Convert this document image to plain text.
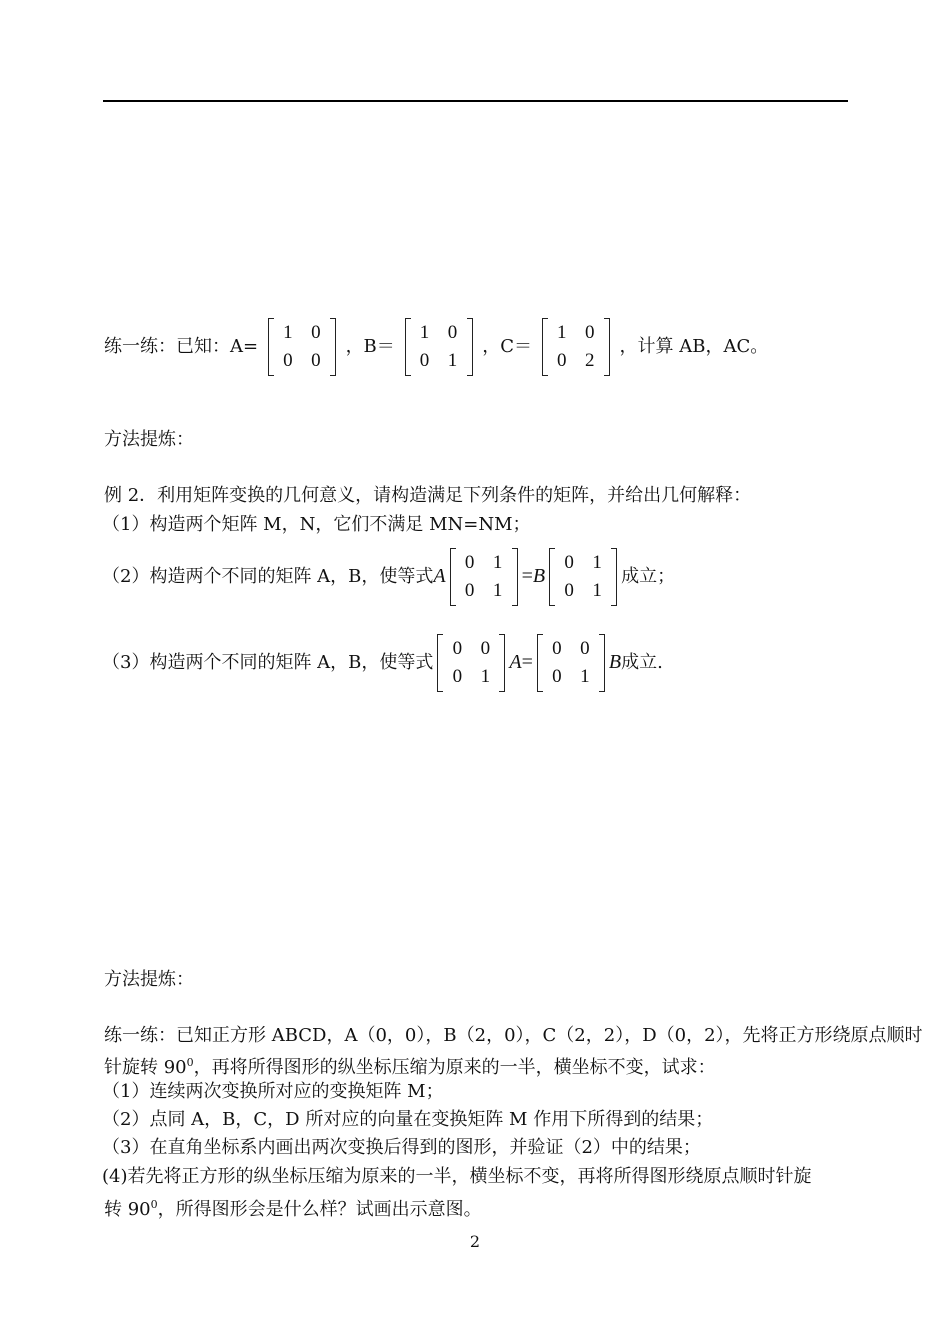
练一练：已知：A=
1 0
0 0
，B＝
1 0
0 1
，C＝
1 0
0 2
，计算 AB，AC。
方法提炼：
例 2．利用矩阵变换的几何意义，请构造满足下列条件的矩阵，并给出几何解释：
（1）构造两个矩阵 M，N，它们不满足 MN=NM；
（2）构造两个不同的矩阵 A，B，使等式A
0 1
0 1
=B
0 1
0 1
成立；
（3）构造两个不同的矩阵 A，B，使等式
0 0
0 1
A=
0 0
0 1
B成立.
方法提炼：
练一练：已知正方形 ABCD，A（0，0），B（2，0），C（2，2），D（0，2），先将正方形绕原点顺时
针旋转 $90^0$，再将所得图形的纵坐标压缩为原来的一半，横坐标不变，试求：
（1）连续两次变换所对应的变换矩阵 M；
（2）点同 A，B，C，D 所对应的向量在变换矩阵 M 作用下所得到的结果；
（3）在直角坐标系内画出两次变换后得到的图形，并验证（2）中的结果；
(4)若先将正方形的纵坐标压缩为原来的一半，横坐标不变，再将所得图形绕原点顺时针旋
转 $90^0$，所得图形会是什么样？试画出示意图。
2
